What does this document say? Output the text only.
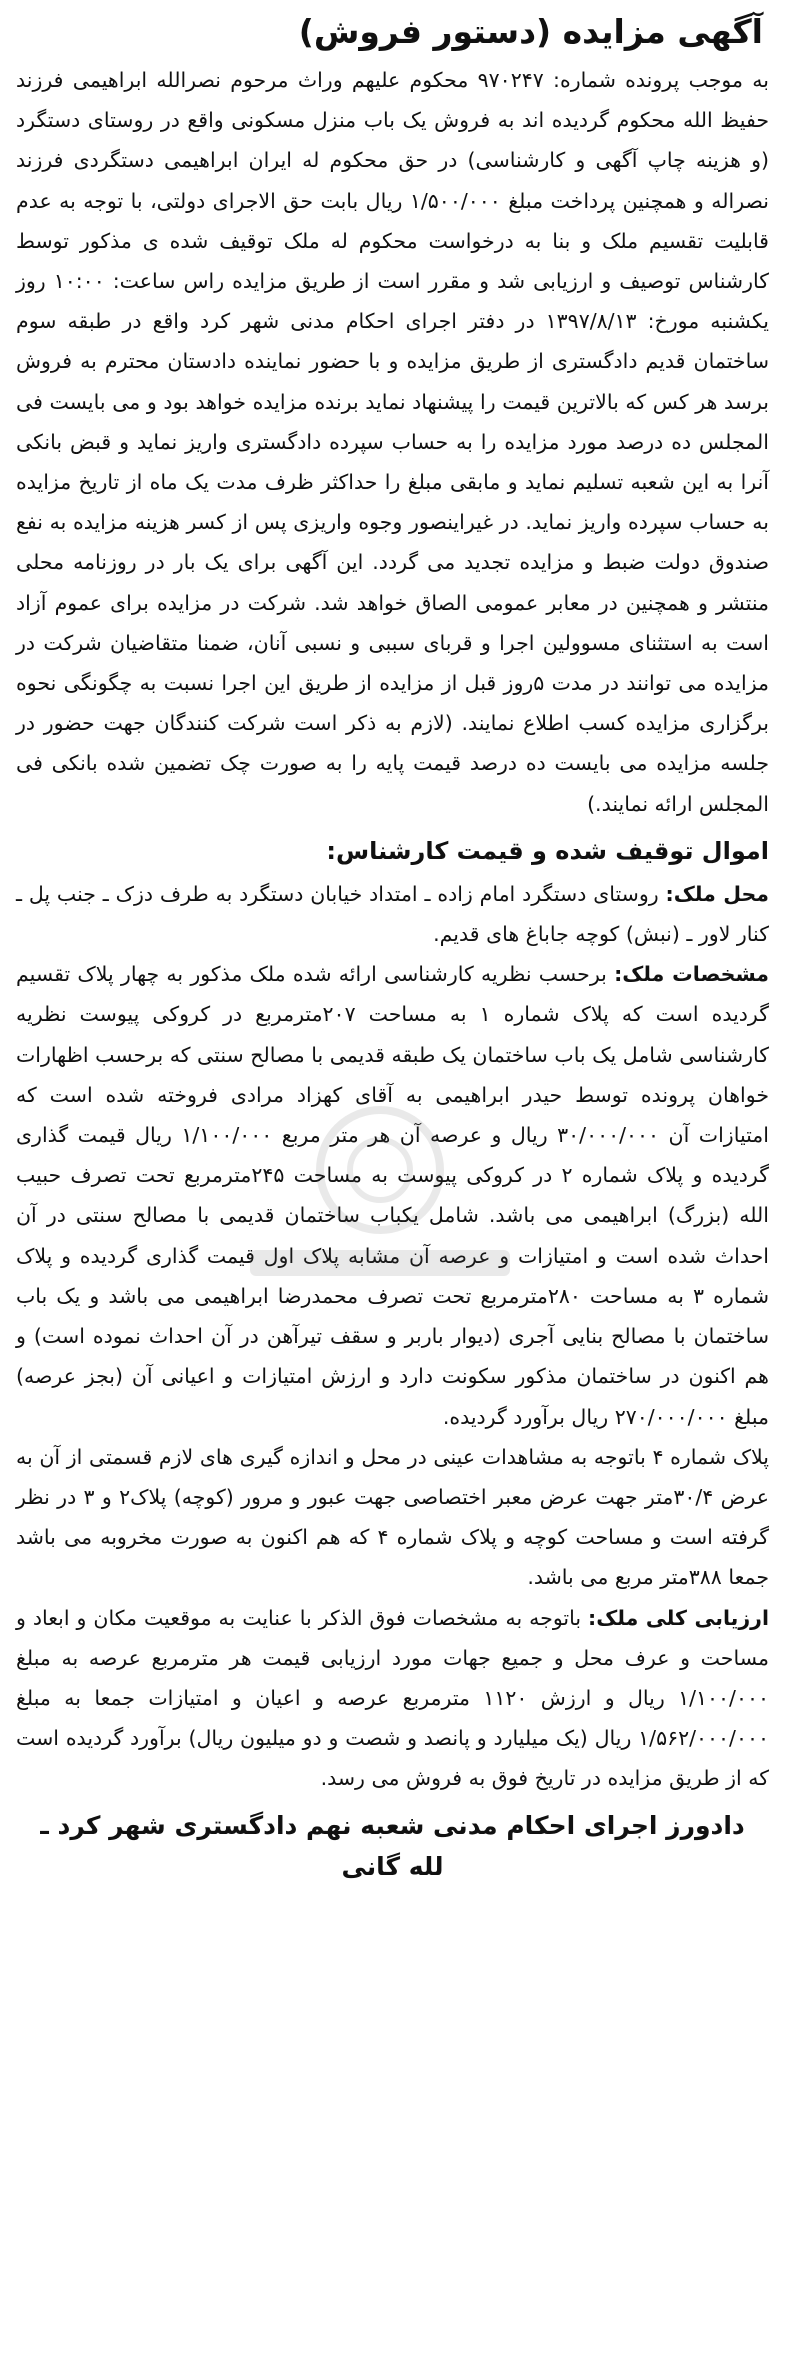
آگهی مزایده (دستور فروش)

به موجب پرونده شماره: ۹۷۰۲۴۷ محکوم علیهم وراث مرحوم نصرالله ابراهیمی فرزند حفیظ الله محکوم گردیده اند به فروش یک باب منزل مسکونی واقع در روستای دستگرد (و هزینه چاپ آگهی و کارشناسی) در حق محکوم له ایران ابراهیمی دستگردی فرزند نصراله و همچنین پرداخت مبلغ ۱/۵۰۰/۰۰۰ ریال بابت حق الاجرای دولتی، با توجه به عدم قابلیت تقسیم ملک و بنا به درخواست محکوم له ملک توقیف شده ی مذکور توسط کارشناس توصیف و ارزیابی شد و مقرر است از طریق مزایده راس ساعت: ۱۰:۰۰ روز یکشنبه مورخ: ۱۳۹۷/۸/۱۳ در دفتر اجرای احکام مدنی شهر کرد واقع در طبقه سوم ساختمان قدیم دادگستری از طریق مزایده و با حضور نماینده دادستان محترم به فروش برسد هر کس که بالاترین قیمت را پیشنهاد نماید برنده مزایده خواهد بود و می بایست فی المجلس ده درصد مورد مزایده را به حساب سپرده دادگستری واریز نماید و قبض بانکی آنرا به این شعبه تسلیم نماید و مابقی مبلغ را حداکثر ظرف مدت یک ماه از تاریخ مزایده به حساب سپرده واریز نماید. در غیراینصور وجوه واریزی پس از کسر هزینه مزایده به نفع صندوق دولت ضبط و مزایده تجدید می گردد. این آگهی برای یک بار در روزنامه محلی منتشر و همچنین در معابر عمومی الصاق خواهد شد. شرکت در مزایده برای عموم آزاد است به استثنای مسوولین اجرا و قربای سببی و نسبی آنان، ضمنا متقاضیان شرکت در مزایده می توانند در مدت ۵روز قبل از مزایده از طریق این اجرا نسبت به چگونگی نحوه برگزاری مزایده کسب اطلاع نمایند. (لازم به ذکر است شرکت کنندگان جهت حضور در جلسه مزایده می بایست ده درصد قیمت پایه را به صورت چک تضمین شده بانکی فی المجلس ارائه نمایند.)

اموال توقیف شده و قیمت کارشناس:

محل ملک: روستای دستگرد امام زاده ـ امتداد خیابان دستگرد به طرف دزک ـ جنب پل ـ کنار لاور ـ (نبش) کوچه جاباغ های قدیم.

مشخصات ملک: برحسب نظریه کارشناسی ارائه شده ملک مذکور به چهار پلاک تقسیم گردیده است که پلاک شماره ۱ به مساحت ۲۰۷مترمربع در کروکی پیوست نظریه کارشناسی شامل یک باب ساختمان یک طبقه قدیمی با مصالح سنتی که برحسب اظهارات خواهان پرونده توسط حیدر ابراهیمی به آقای کهزاد مرادی فروخته شده است که امتیازات آن ۳۰/۰۰۰/۰۰۰ ریال و عرصه آن هر متر مربع ۱/۱۰۰/۰۰۰ ریال قیمت گذاری گردیده و پلاک شماره ۲ در کروکی پیوست به مساحت ۲۴۵مترمربع تحت تصرف حبیب الله (بزرگ) ابراهیمی می باشد. شامل یکباب ساختمان قدیمی با مصالح سنتی در آن احداث شده است و امتیازات و عرصه آن مشابه پلاک اول قیمت گذاری گردیده و پلاک شماره ۳ به مساحت ۲۸۰مترمربع تحت تصرف محمدرضا ابراهیمی می باشد و یک باب ساختمان با مصالح بنایی آجری (دیوار باربر و سقف تیرآهن در آن احداث نموده است) و هم اکنون در ساختمان مذکور سکونت دارد و ارزش امتیازات و اعیانی آن (بجز عرصه) مبلغ ۲۷۰/۰۰۰/۰۰۰ ریال برآورد گردیده.

پلاک شماره ۴ باتوجه به مشاهدات عینی در محل و اندازه گیری های لازم قسمتی از آن به عرض ۳۰/۴متر جهت عرض معبر اختصاصی جهت عبور و مرور (کوچه) پلاک۲ و ۳ در نظر گرفته است و مساحت کوچه و پلاک شماره ۴ که هم اکنون به صورت مخروبه می باشد جمعا ۳۸۸متر مربع می باشد.

ارزیابی کلی ملک: باتوجه به مشخصات فوق الذکر با عنایت به موقعیت مکان و ابعاد و مساحت و عرف محل و جمیع جهات مورد ارزیابی قیمت هر مترمربع عرصه به مبلغ ۱/۱۰۰/۰۰۰ ریال و ارزش ۱۱۲۰ مترمربع عرصه و اعیان و امتیازات جمعا به مبلغ ۱/۵۶۲/۰۰۰/۰۰۰ ریال (یک میلیارد و پانصد و شصت و دو میلیون ریال) برآورد گردیده است که از طریق مزایده در تاریخ فوق به فروش می رسد.

دادورز اجرای احکام مدنی شعبه نهم دادگستری شهر کرد ـ
لله گانی
